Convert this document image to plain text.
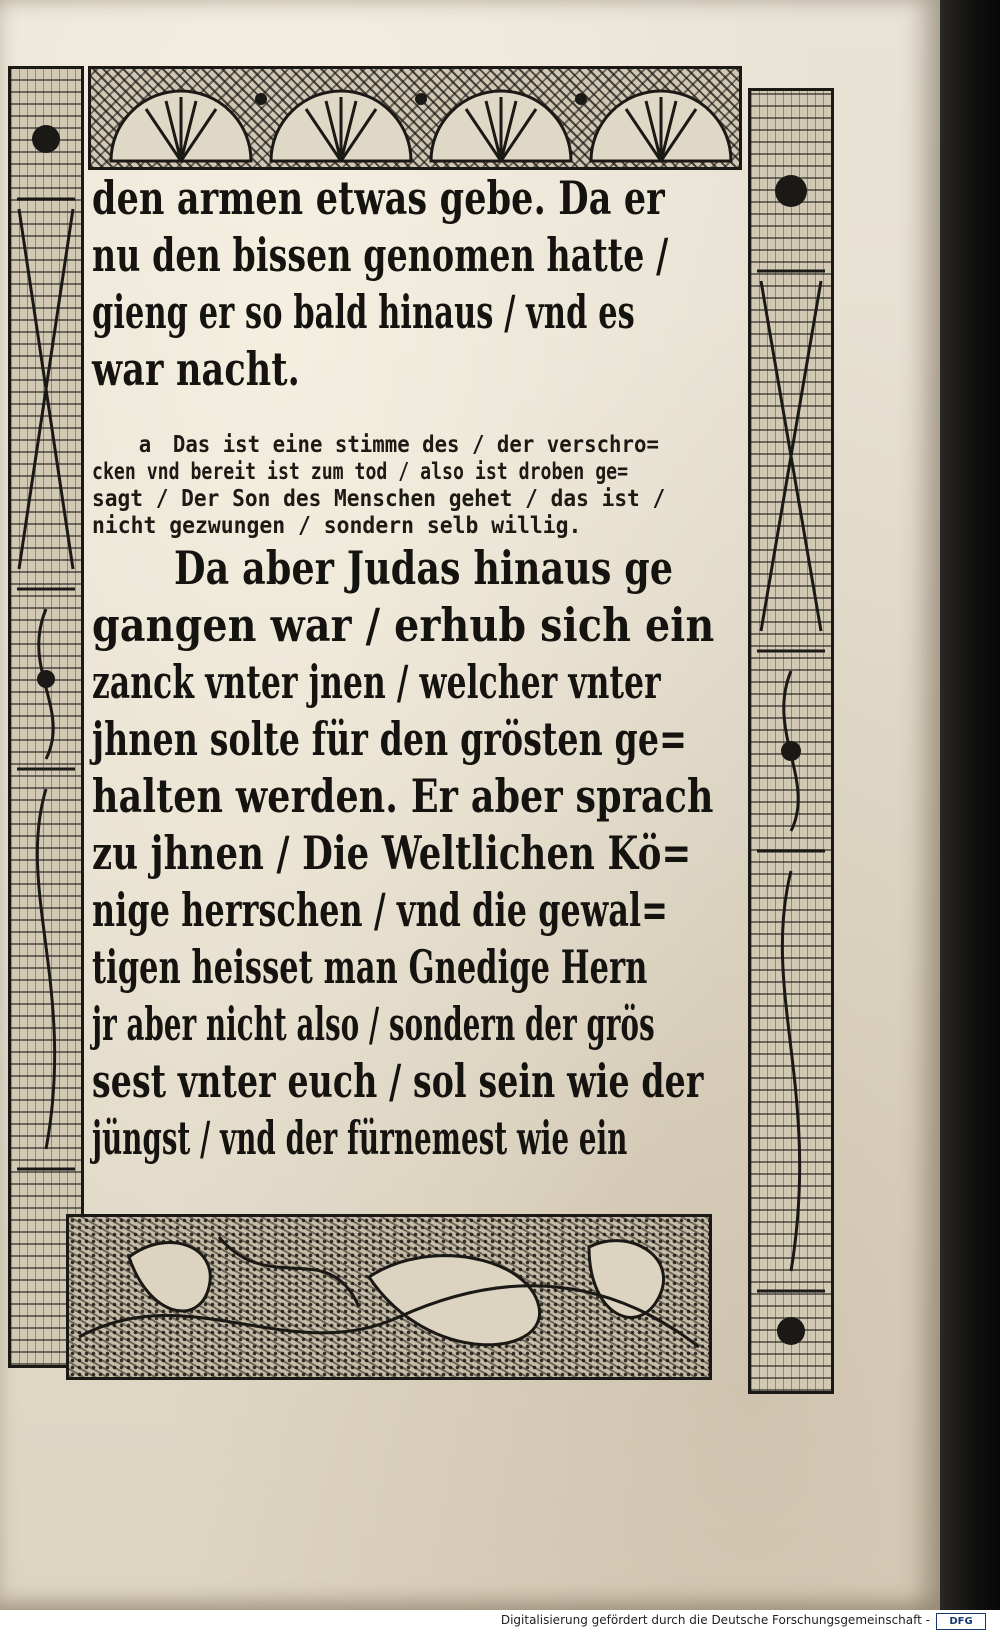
den armen etwas gebe. Da er
nu den bissen genomen hatte /
gieng er so bald hinaus / vnd es
war nacht.
a Das ist eine stimme des / der verschro=
cken vnd bereit ist zum tod / also ist droben ge=
sagt / Der Son des Menschen gehet / das ist /
nicht gezwungen / sondern selb willig.
Da aber Judas hinaus ge
gangen war / erhub sich ein
zanck vnter jnen / welcher vnter
jhnen solte für den grösten ge=
halten werden. Er aber sprach
zu jhnen / Die Weltlichen Kö=
nige herrschen / vnd die gewal=
tigen heisset man Gnedige Hern
jr aber nicht also / sondern der grös
sest vnter euch / sol sein wie der
jüngst / vnd der fürnemest wie ein
Digitalisierung gefördert durch die Deutsche Forschungsgemeinschaft -	DFG
